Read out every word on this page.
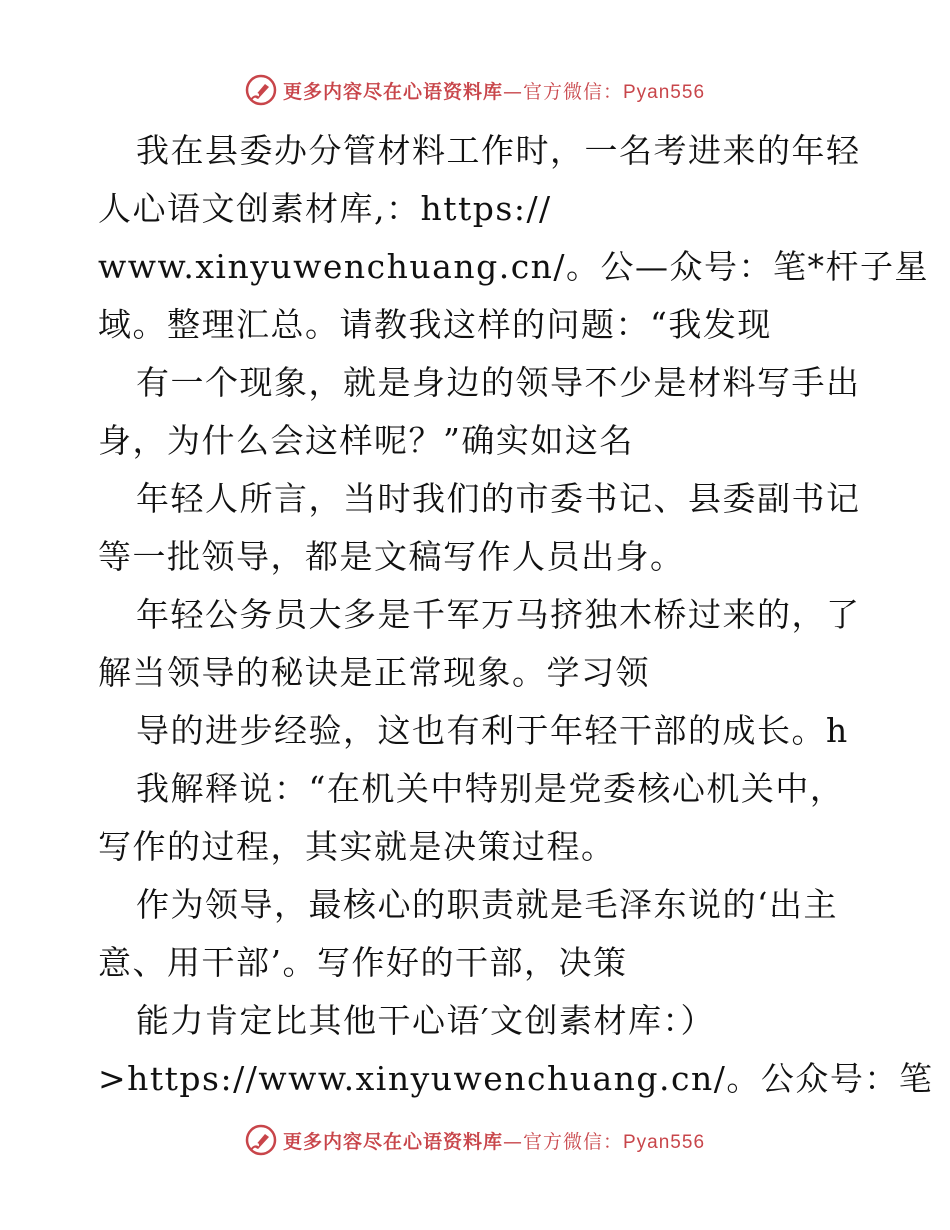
更多内容尽在心语资料库—官方微信：Pyan556
我在县委办分管材料工作时，一名考进来的年轻
人心语文创素材库,：https://
www.xinyuwenchuang.cn/。公—众号：笔*杆子星
域。整理汇总。请教我这样的问题：“我发现
有一个现象，就是身边的领导不少是材料写手出
身，为什么会这样呢？”确实如这名
年轻人所言，当时我们的市委书记、县委副书记
等一批领导，都是文稿写作人员出身。
年轻公务员大多是千军万马挤独木桥过来的，了
解当领导的秘诀是正常现象。学习领
导的进步经验，这也有利于年轻干部的成长。h
我解释说：“在机关中特别是党委核心机关中，
写作的过程，其实就是决策过程。
作为领导，最核心的职责就是毛泽东说的‘出主
意、用干部’。写作好的干部，决策
能力肯定比其他干心语′文创素材库：）
>https://www.xinyuwenchuang.cn/。公众号：笔
更多内容尽在心语资料库—官方微信：Pyan556
